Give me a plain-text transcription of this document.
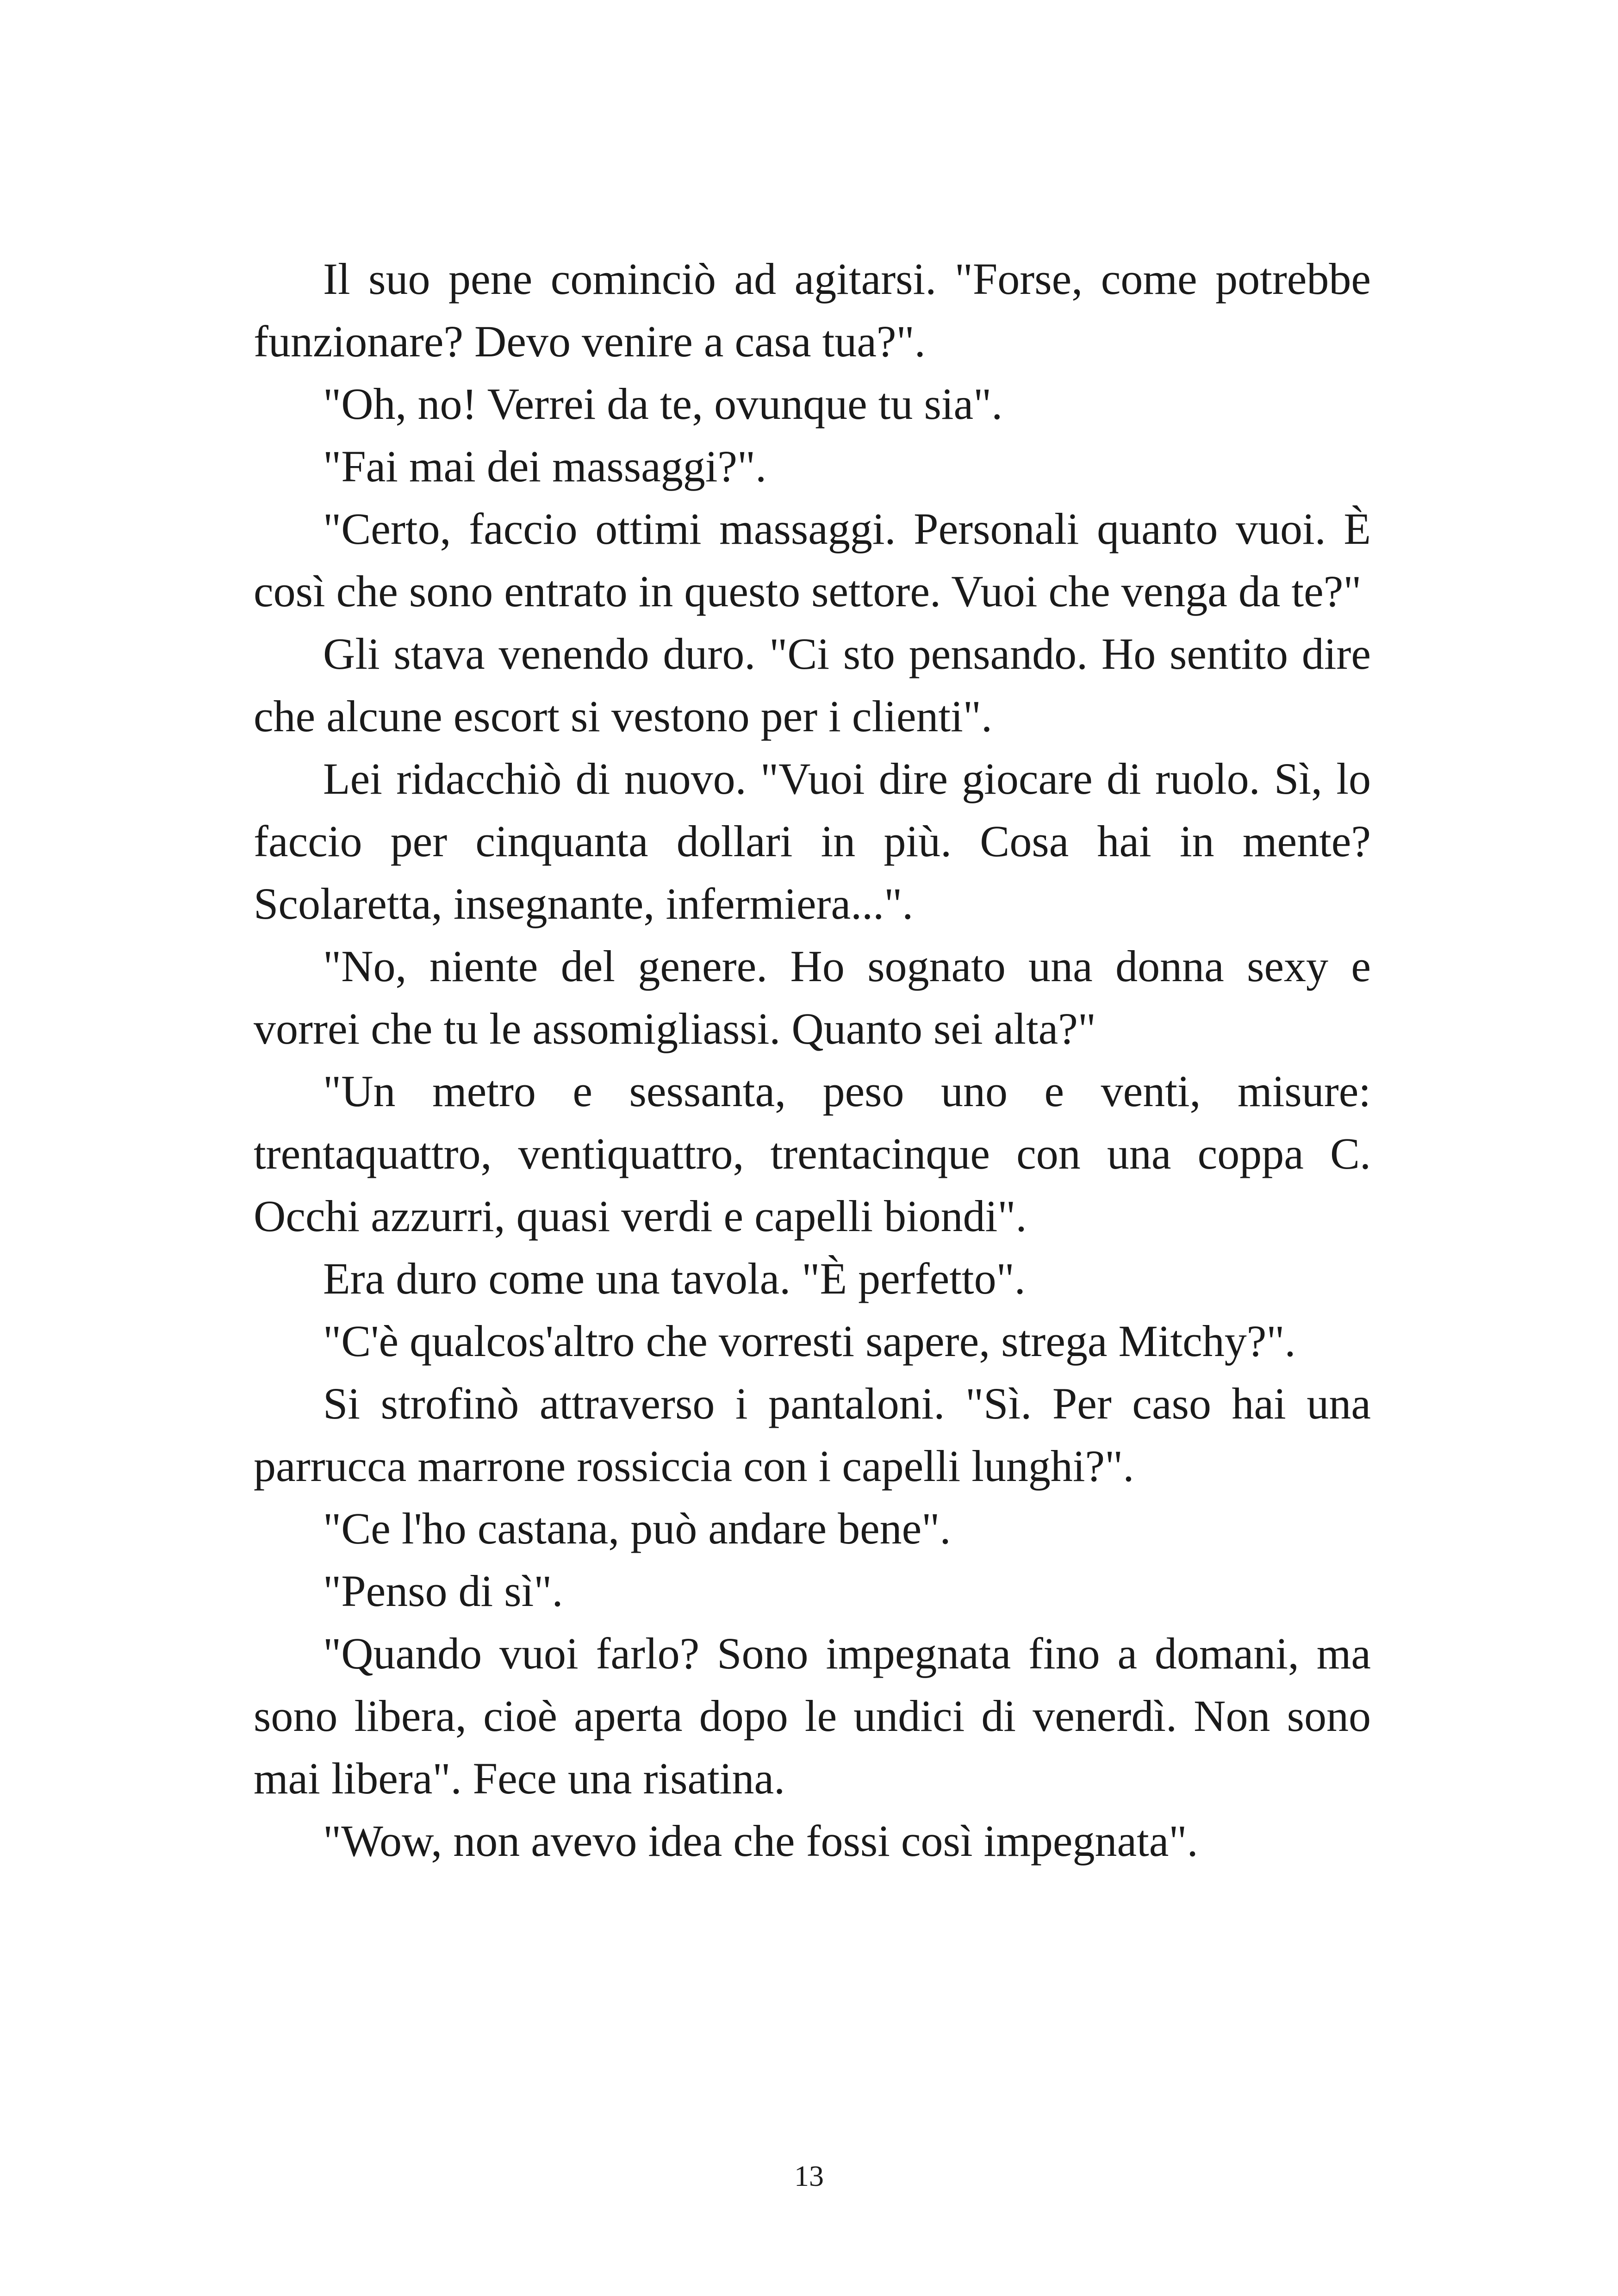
Il suo pene cominciò ad agitarsi. "Forse, come potrebbe funzionare? Devo venire a casa tua?".

"Oh, no! Verrei da te, ovunque tu sia".

"Fai mai dei massaggi?".

"Certo, faccio ottimi massaggi. Personali quanto vuoi. È così che sono entrato in questo settore. Vuoi che venga da te?"

Gli stava venendo duro. "Ci sto pensando. Ho sentito dire che alcune escort si vestono per i clienti".

Lei ridacchiò di nuovo. "Vuoi dire giocare di ruolo. Sì, lo faccio per cinquanta dollari in più. Cosa hai in mente? Scolaretta, insegnante, infermiera...".

"No, niente del genere. Ho sognato una donna sexy e vorrei che tu le assomigliassi. Quanto sei alta?"

"Un metro e sessanta, peso uno e venti, misure: trentaquattro, ventiquattro, trentacinque con una coppa C. Occhi azzurri, quasi verdi e capelli biondi".

Era duro come una tavola. "È perfetto".

"C'è qualcos'altro che vorresti sapere, strega Mitchy?".

Si strofinò attraverso i pantaloni. "Sì. Per caso hai una parrucca marrone rossiccia con i capelli lunghi?".

"Ce l'ho castana, può andare bene".

"Penso di sì".

"Quando vuoi farlo? Sono impegnata fino a domani, ma sono libera, cioè aperta dopo le undici di venerdì. Non sono mai libera". Fece una risatina.

"Wow, non avevo idea che fossi così impegnata".

13
